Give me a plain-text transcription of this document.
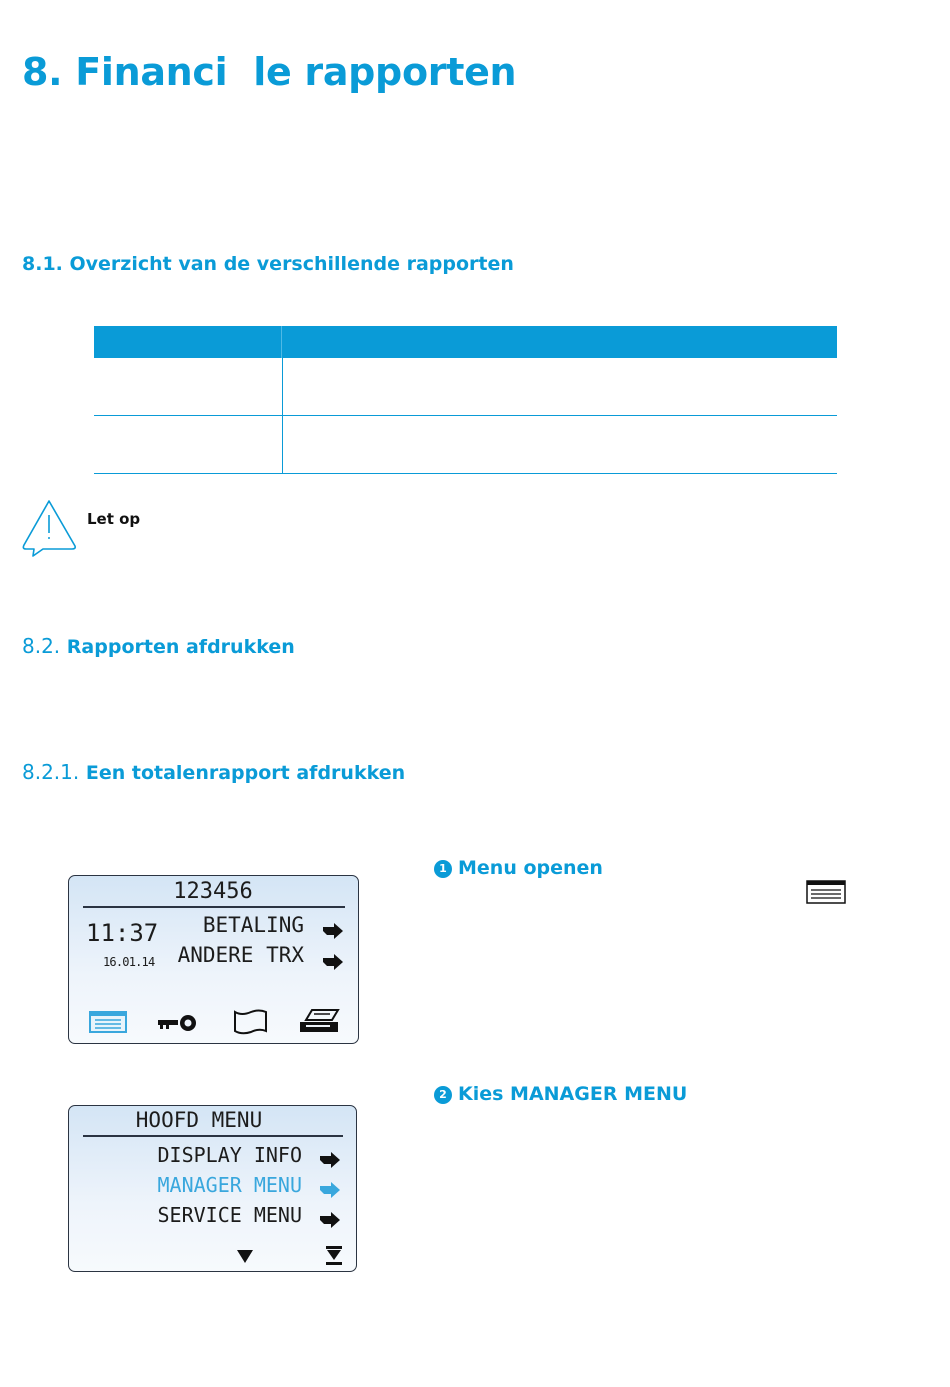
8. Financi  le rapporten
8.1. Overzicht van de verschillende rapporten
Let op
8.2. Rapporten afdrukken
8.2.1. Een totalenrapport afdrukken
123456
11:37
16.01.14
BETALING
ANDERE TRX
1 Menu openen
HOOFD MENU
DISPLAY INFO
MANAGER MENU
SERVICE MENU
2 Kies MANAGER MENU
